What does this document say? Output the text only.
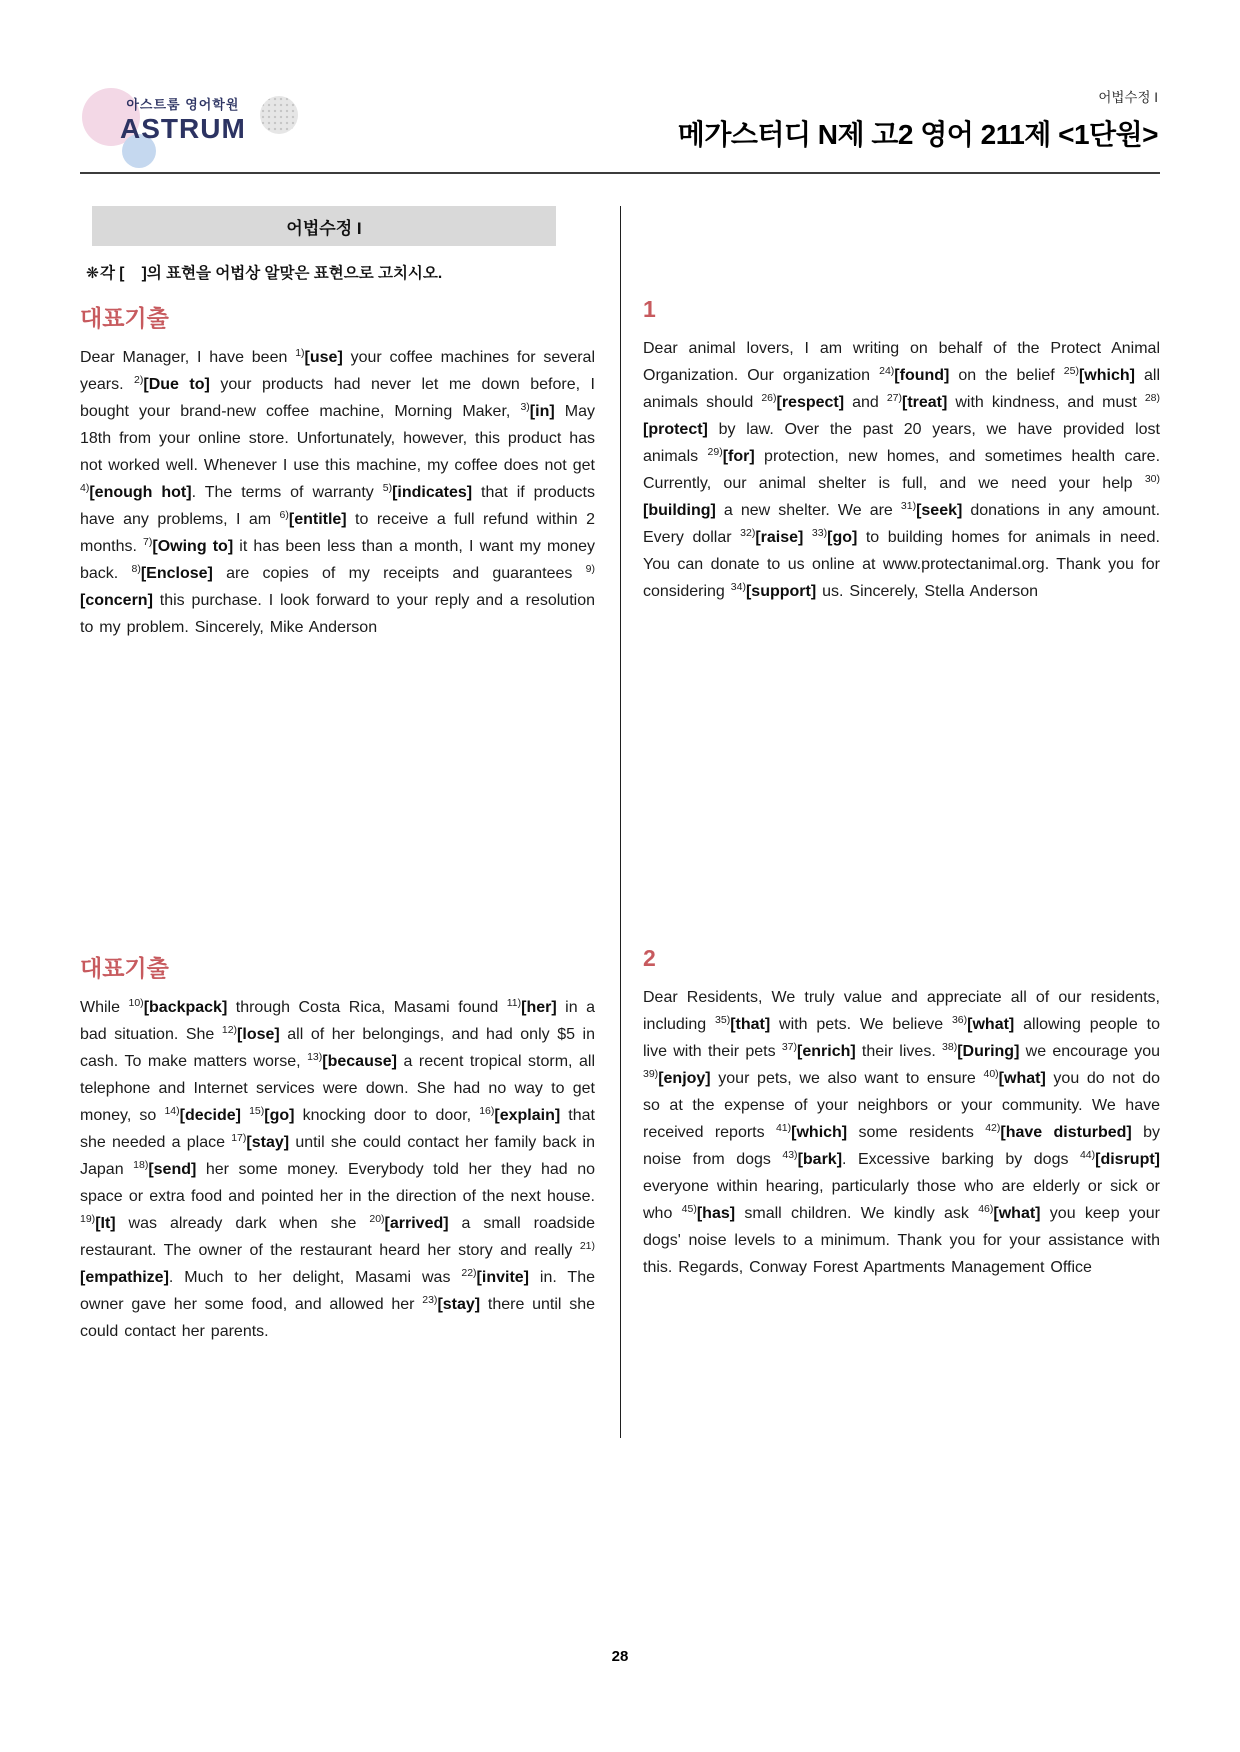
아스트룸 영어학원
ASTRUM
어법수정 I
메가스터디 N제 고2 영어 211제 <1단원>
어법수정 I
❋각 [    ]의 표현을 어법상 알맞은 표현으로 고치시오.
대표기출
Dear Manager, I have been $^{1)}$[use] your coffee machines for several years. $^{2)}$[Due to] your products had never let me down before, I bought your brand-new coffee machine, Morning Maker, $^{3)}$[in] May 18th from your online store. Unfortunately, however, this product has not worked well. Whenever I use this machine, my coffee does not get $^{4)}$[enough hot]. The terms of warranty $^{5)}$[indicates] that if products have any problems, I am $^{6)}$[entitle] to receive a full refund within 2 months. $^{7)}$[Owing to] it has been less than a month, I want my money back. $^{8)}$[Enclose] are copies of my receipts and guarantees $^{9)}$[concern] this purchase. I look forward to your reply and a resolution to my problem. Sincerely, Mike Anderson
대표기출
While $^{10)}$[backpack] through Costa Rica, Masami found $^{11)}$[her] in a bad situation. She $^{12)}$[lose] all of her belongings, and had only $5 in cash. To make matters worse, $^{13)}$[because] a recent tropical storm, all telephone and Internet services were down. She had no way to get money, so $^{14)}$[decide] $^{15)}$[go] knocking door to door, $^{16)}$[explain] that she needed a place $^{17)}$[stay] until she could contact her family back in Japan $^{18)}$[send] her some money. Everybody told her they had no space or extra food and pointed her in the direction of the next house. $^{19)}$[It] was already dark when she $^{20)}$[arrived] a small roadside restaurant. The owner of the restaurant heard her story and really $^{21)}$[empathize]. Much to her delight, Masami was $^{22)}$[invite] in. The owner gave her some food, and allowed her $^{23)}$[stay] there until she could contact her parents.
1
Dear animal lovers, I am writing on behalf of the Protect Animal Organization. Our organization $^{24)}$[found] on the belief $^{25)}$[which] all animals should $^{26)}$[respect] and $^{27)}$[treat] with kindness, and must $^{28)}$[protect] by law. Over the past 20 years, we have provided lost animals $^{29)}$[for] protection, new homes, and sometimes health care. Currently, our animal shelter is full, and we need your help $^{30)}$[building] a new shelter. We are $^{31)}$[seek] donations in any amount. Every dollar $^{32)}$[raise] $^{33)}$[go] to building homes for animals in need. You can donate to us online at www.protectanimal.org. Thank you for considering $^{34)}$[support] us. Sincerely, Stella Anderson
2
Dear Residents, We truly value and appreciate all of our residents, including $^{35)}$[that] with pets. We believe $^{36)}$[what] allowing people to live with their pets $^{37)}$[enrich] their lives. $^{38)}$[During] we encourage you $^{39)}$[enjoy] your pets, we also want to ensure $^{40)}$[what] you do not do so at the expense of your neighbors or your community. We have received reports $^{41)}$[which] some residents $^{42)}$[have disturbed] by noise from dogs $^{43)}$[bark]. Excessive barking by dogs $^{44)}$[disrupt] everyone within hearing, particularly those who are elderly or sick or who $^{45)}$[has] small children. We kindly ask $^{46)}$[what] you keep your dogs' noise levels to a minimum. Thank you for your assistance with this. Regards, Conway Forest Apartments Management Office
28
